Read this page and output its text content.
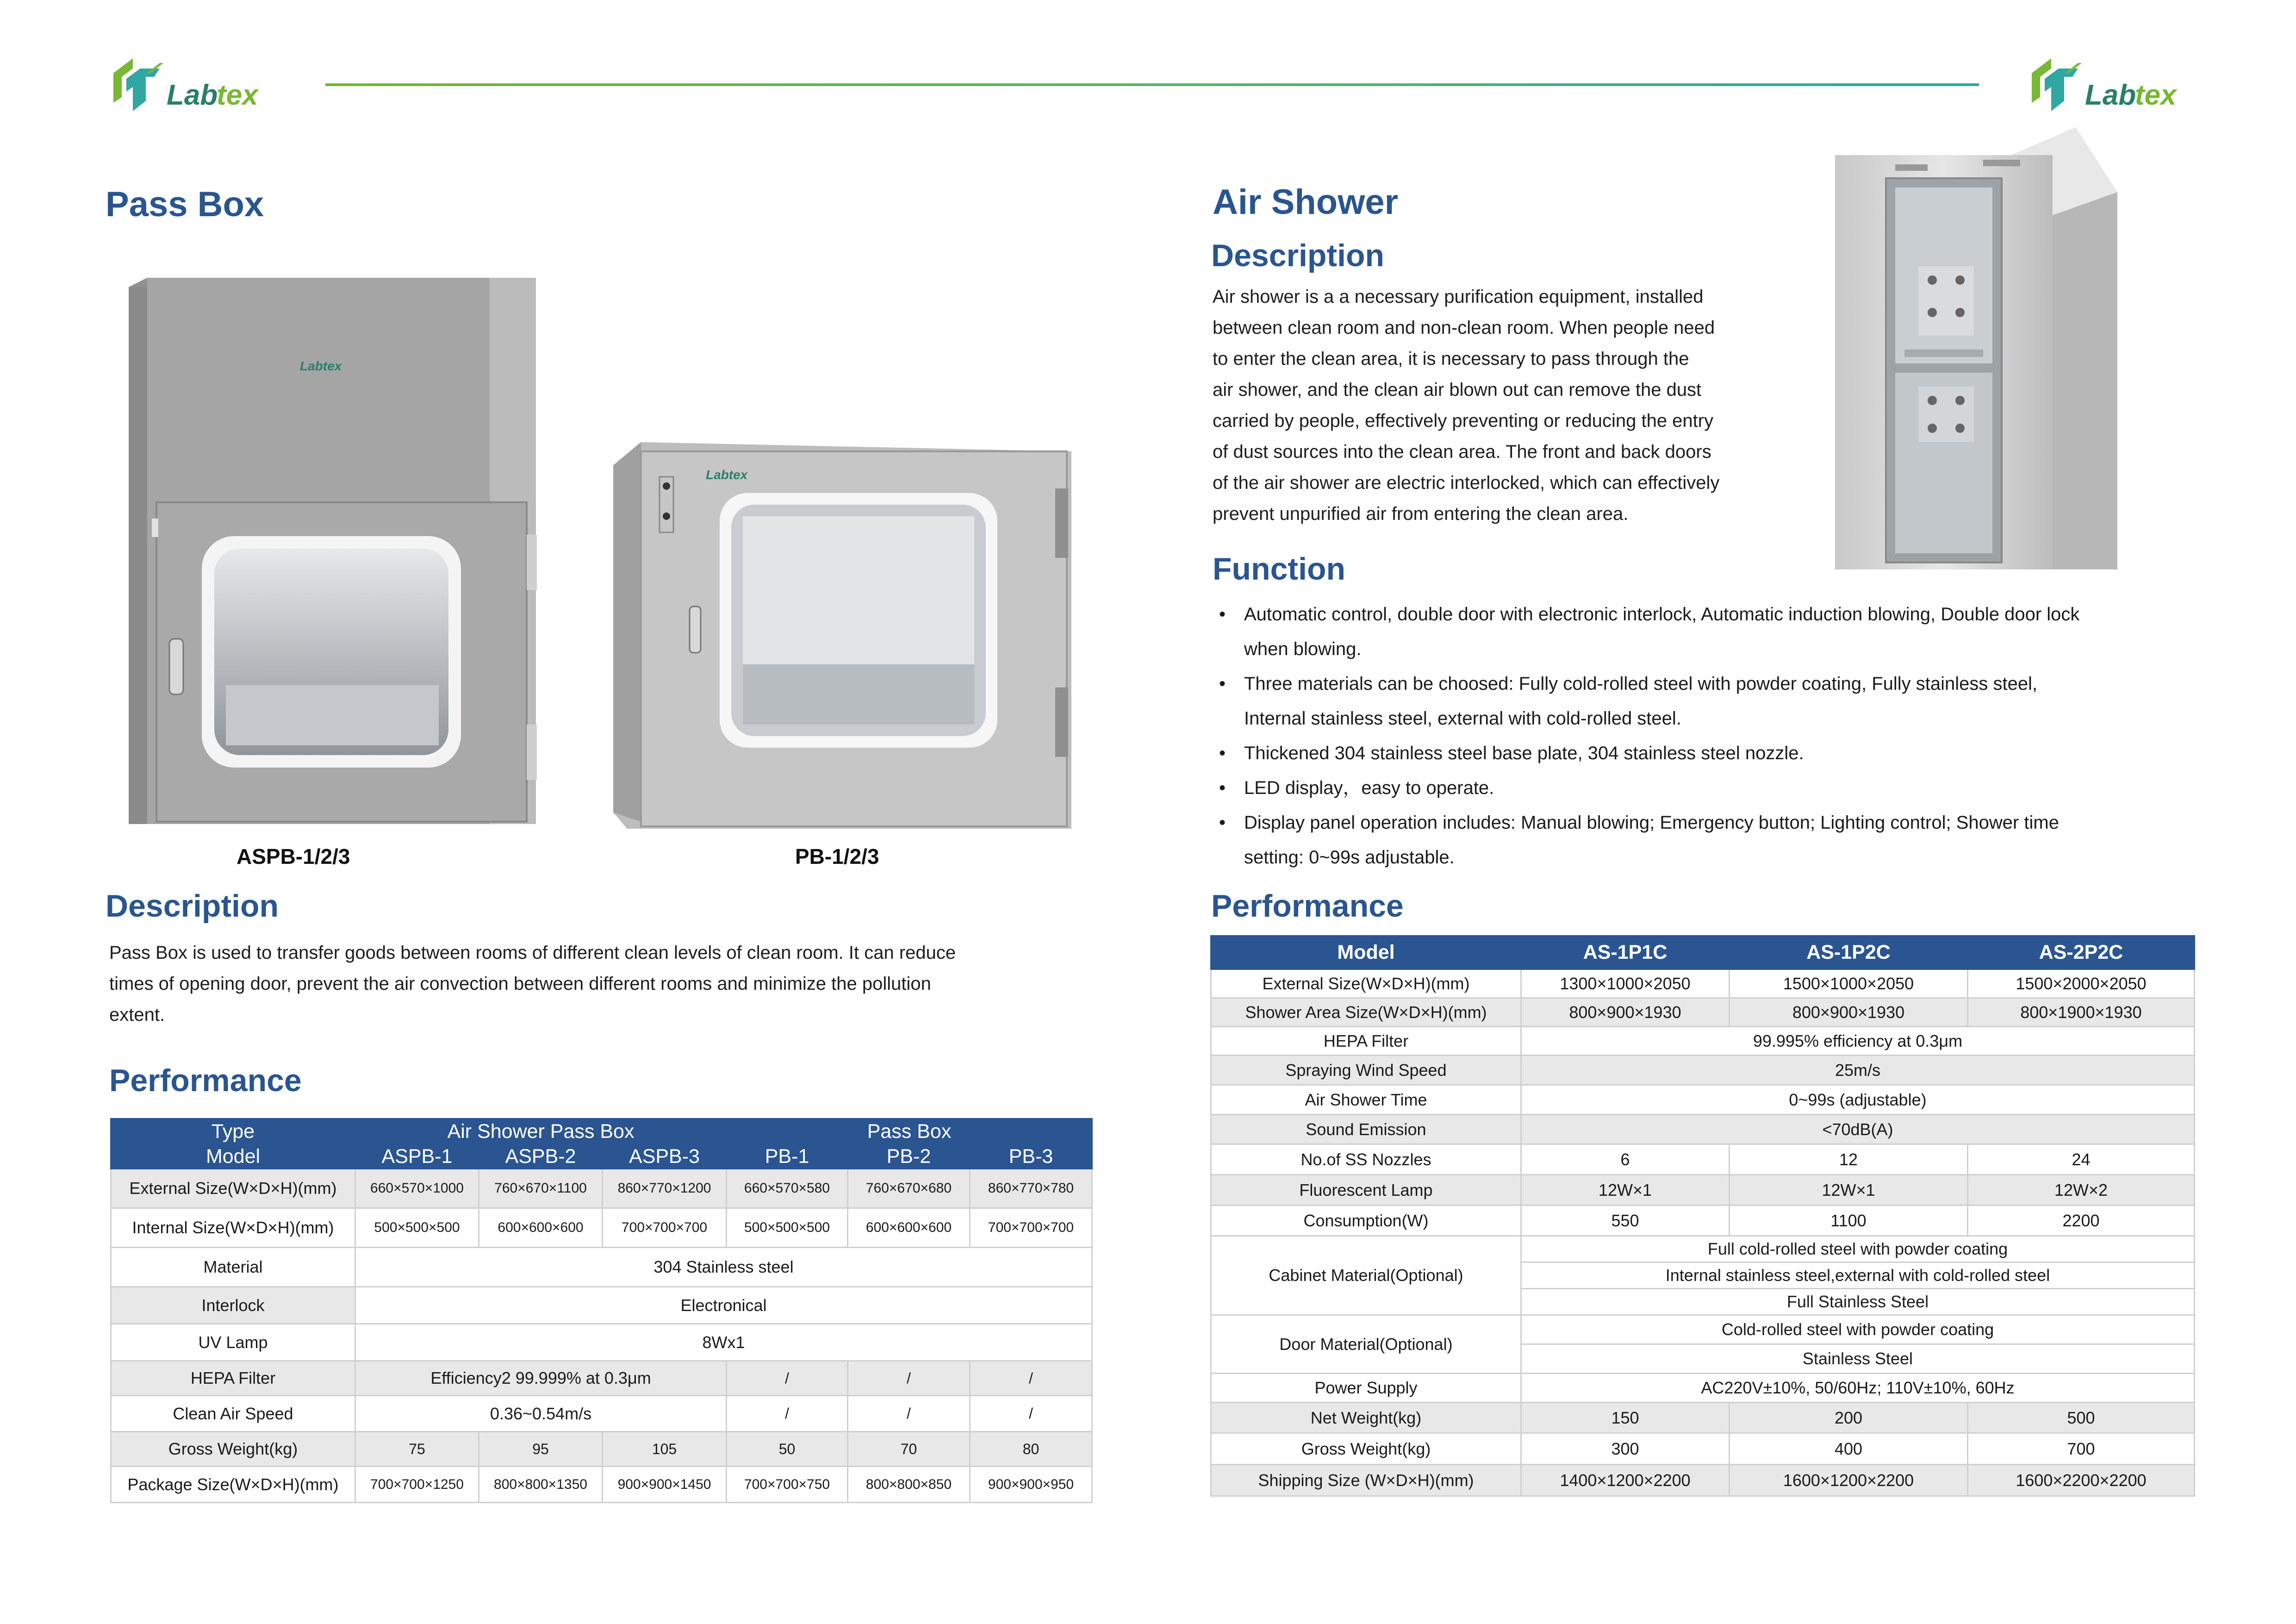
Lab
tex	Lab
tex
Pass Box
Labtex
Labtex
ASPB-1/2/3	PB-1/2/3
Description
Pass Box is used to transfer goods between rooms of different clean levels of clean room. It can reduce
times of opening door, prevent the air convection between different rooms and minimize the pollution
extent.
Performance
Type	Air Shower Pass Box			Pass Box		
Model	ASPB-1	ASPB-2	ASPB-3	PB-1	PB-2	PB-3
External Size(W×D×H)(mm)	660×570×1000	760×670×1100	860×770×1200	660×570×580	760×670×680	860×770×780
Internal Size(W×D×H)(mm)	500×500×500	600×600×600	700×700×700	500×500×500	600×600×600	700×700×700
Material	304 Stainless steel					
Interlock	Electronical					
UV Lamp	8Wx1					
HEPA Filter	Efficiency2 99.999% at 0.3μm			/	/	/
Clean Air Speed	0.36~0.54m/s			/	/	/
Gross Weight(kg)	75	95	105	50	70	80
Package Size(W×D×H)(mm)	700×700×1250	800×800×1350	900×900×1450	700×700×750	800×800×850	900×900×950
Air Shower
Description
Air shower is a a necessary purification equipment, installed
between clean room and non-clean room. When people need
to enter the clean area, it is necessary to pass through the
air shower, and the clean air blown out can remove the dust
carried by people, effectively preventing or reducing the entry
of dust sources into the clean area. The front and back doors
of the air shower are electric interlocked, which can effectively
prevent unpurified air from entering the clean area.
Function
• Automatic control, double door with electronic interlock, Automatic induction blowing, Double door lock
when blowing.
• Three materials can be choosed: Fully cold-rolled steel with powder coating, Fully stainless steel,
Internal stainless steel, external with cold-rolled steel.
• Thickened 304 stainless steel base plate, 304 stainless steel nozzle.
• LED display，easy to operate.
• Display panel operation includes: Manual blowing; Emergency button; Lighting control; Shower time
setting: 0~99s adjustable.
Performance
Model	AS-1P1C	AS-1P2C	AS-2P2C
External Size(W×D×H)(mm)	1300×1000×2050	1500×1000×2050	1500×2000×2050
Shower Area Size(W×D×H)(mm)	800×900×1930	800×900×1930	800×1900×1930
HEPA Filter	99.995% efficiency at 0.3μm		
Spraying Wind Speed	25m/s		
Air Shower Time	0~99s (adjustable)		
Sound Emission	<70dB(A)		
No.of SS Nozzles	6	12	24
Fluorescent Lamp	12W×1	12W×1	12W×2
Consumption(W)	550	1100	2200
Cabinet Material(Optional)	Full cold-rolled steel with powder coating		
	Internal stainless steel,external with cold-rolled steel		
	Full Stainless Steel		
Door Material(Optional)	Cold-rolled steel with powder coating		
	Stainless Steel		
Power Supply	AC220V±10%, 50/60Hz; 110V±10%, 60Hz		
Net Weight(kg)	150	200	500
Gross Weight(kg)	300	400	700
Shipping Size (W×D×H)(mm)	1400×1200×2200	1600×1200×2200	1600×2200×2200
